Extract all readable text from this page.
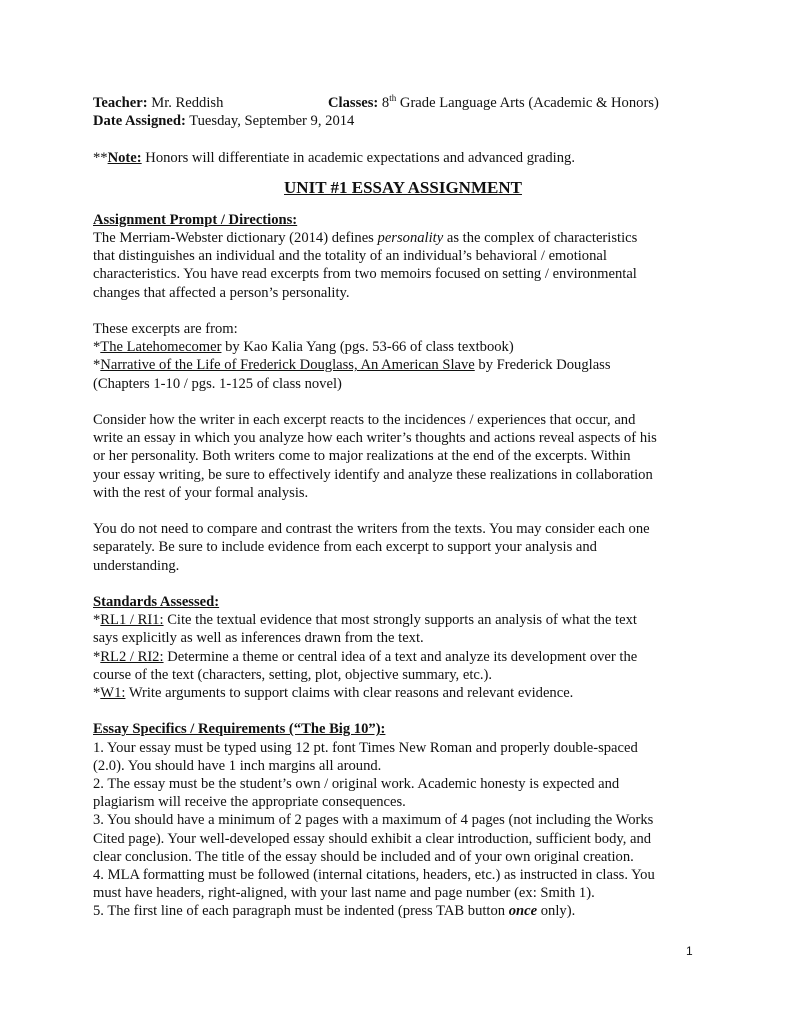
Teacher: Mr. Reddish	Classes: 8th Grade Language Arts (Academic & Honors)
Date Assigned: Tuesday, September 9, 2014
**Note: Honors will differentiate in academic expectations and advanced grading.
UNIT #1 ESSAY ASSIGNMENT
Assignment Prompt / Directions:
The Merriam-Webster dictionary (2014) defines personality as the complex of characteristics
that distinguishes an individual and the totality of an individual’s behavioral / emotional
characteristics. You have read excerpts from two memoirs focused on setting / environmental
changes that affected a person’s personality.
These excerpts are from:
*The Latehomecomer by Kao Kalia Yang (pgs. 53-66 of class textbook)
*Narrative of the Life of Frederick Douglass, An American Slave by Frederick Douglass
(Chapters 1-10 / pgs. 1-125 of class novel)
Consider how the writer in each excerpt reacts to the incidences / experiences that occur, and
write an essay in which you analyze how each writer’s thoughts and actions reveal aspects of his
or her personality. Both writers come to major realizations at the end of the excerpts. Within
your essay writing, be sure to effectively identify and analyze these realizations in collaboration
with the rest of your formal analysis.
You do not need to compare and contrast the writers from the texts. You may consider each one
separately. Be sure to include evidence from each excerpt to support your analysis and
understanding.
Standards Assessed:
*RL1 / RI1: Cite the textual evidence that most strongly supports an analysis of what the text
says explicitly as well as inferences drawn from the text.
*RL2 / RI2: Determine a theme or central idea of a text and analyze its development over the
course of the text (characters, setting, plot, objective summary, etc.).
*W1: Write arguments to support claims with clear reasons and relevant evidence.
Essay Specifics / Requirements (“The Big 10”):
1. Your essay must be typed using 12 pt. font Times New Roman and properly double-spaced
(2.0). You should have 1 inch margins all around.
2. The essay must be the student’s own / original work. Academic honesty is expected and
plagiarism will receive the appropriate consequences.
3. You should have a minimum of 2 pages with a maximum of 4 pages (not including the Works
Cited page). Your well-developed essay should exhibit a clear introduction, sufficient body, and
clear conclusion. The title of the essay should be included and of your own original creation.
4. MLA formatting must be followed (internal citations, headers, etc.) as instructed in class. You
must have headers, right-aligned, with your last name and page number (ex: Smith 1).
5. The first line of each paragraph must be indented (press TAB button once only).
1
